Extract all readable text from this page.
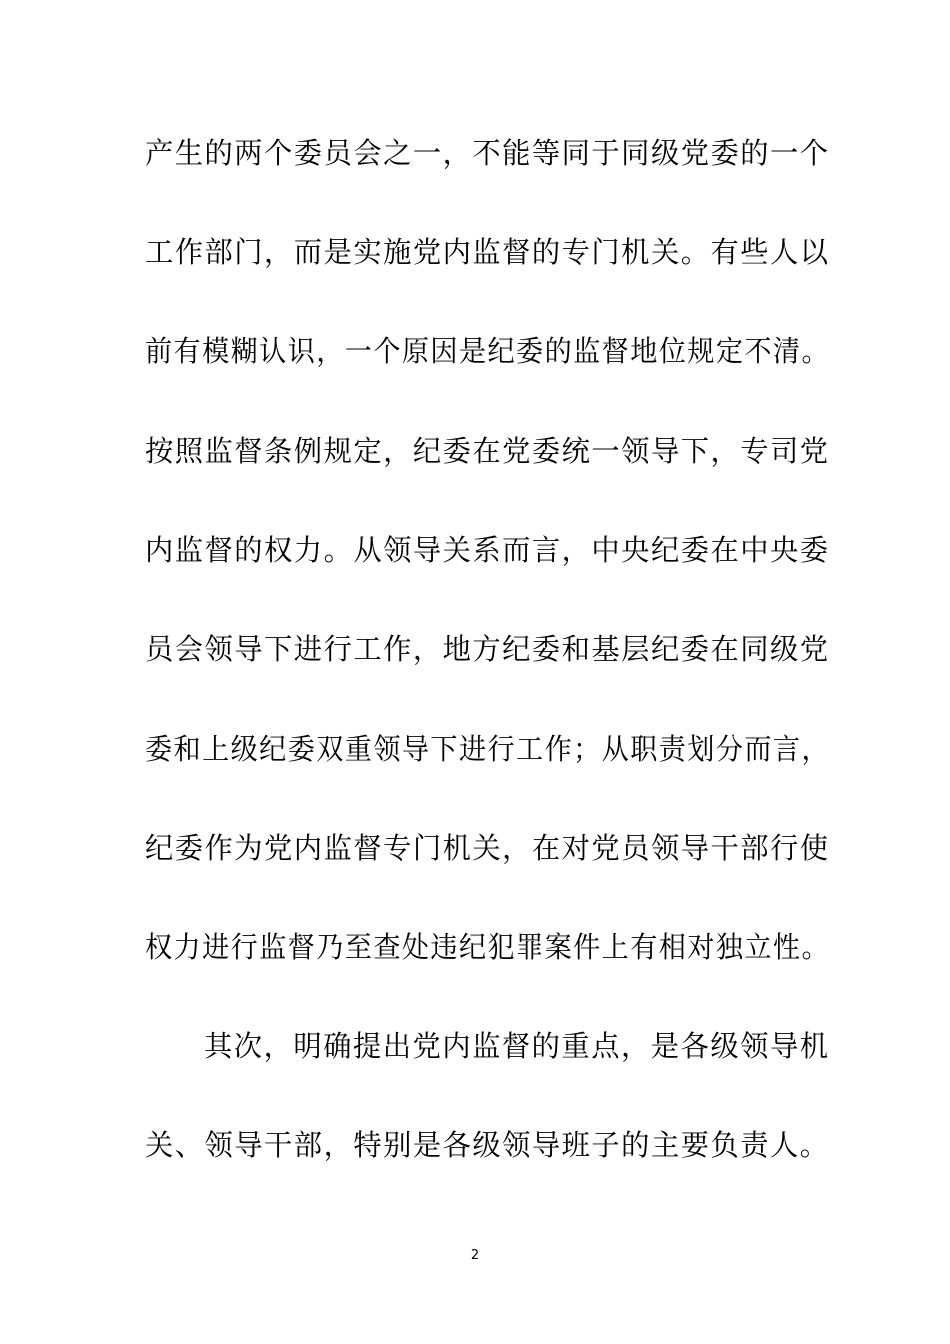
产生的两个委员会之一，不能等同于同级党委的一个
工作部门，而是实施党内监督的专门机关。有些人以
前有模糊认识，一个原因是纪委的监督地位规定不清。
按照监督条例规定，纪委在党委统一领导下，专司党
内监督的权力。从领导关系而言，中央纪委在中央委
员会领导下进行工作，地方纪委和基层纪委在同级党
委和上级纪委双重领导下进行工作；从职责划分而言，
纪委作为党内监督专门机关，在对党员领导干部行使
权力进行监督乃至查处违纪犯罪案件上有相对独立性。
其次，明确提出党内监督的重点，是各级领导机
关、领导干部，特别是各级领导班子的主要负责人。
2
